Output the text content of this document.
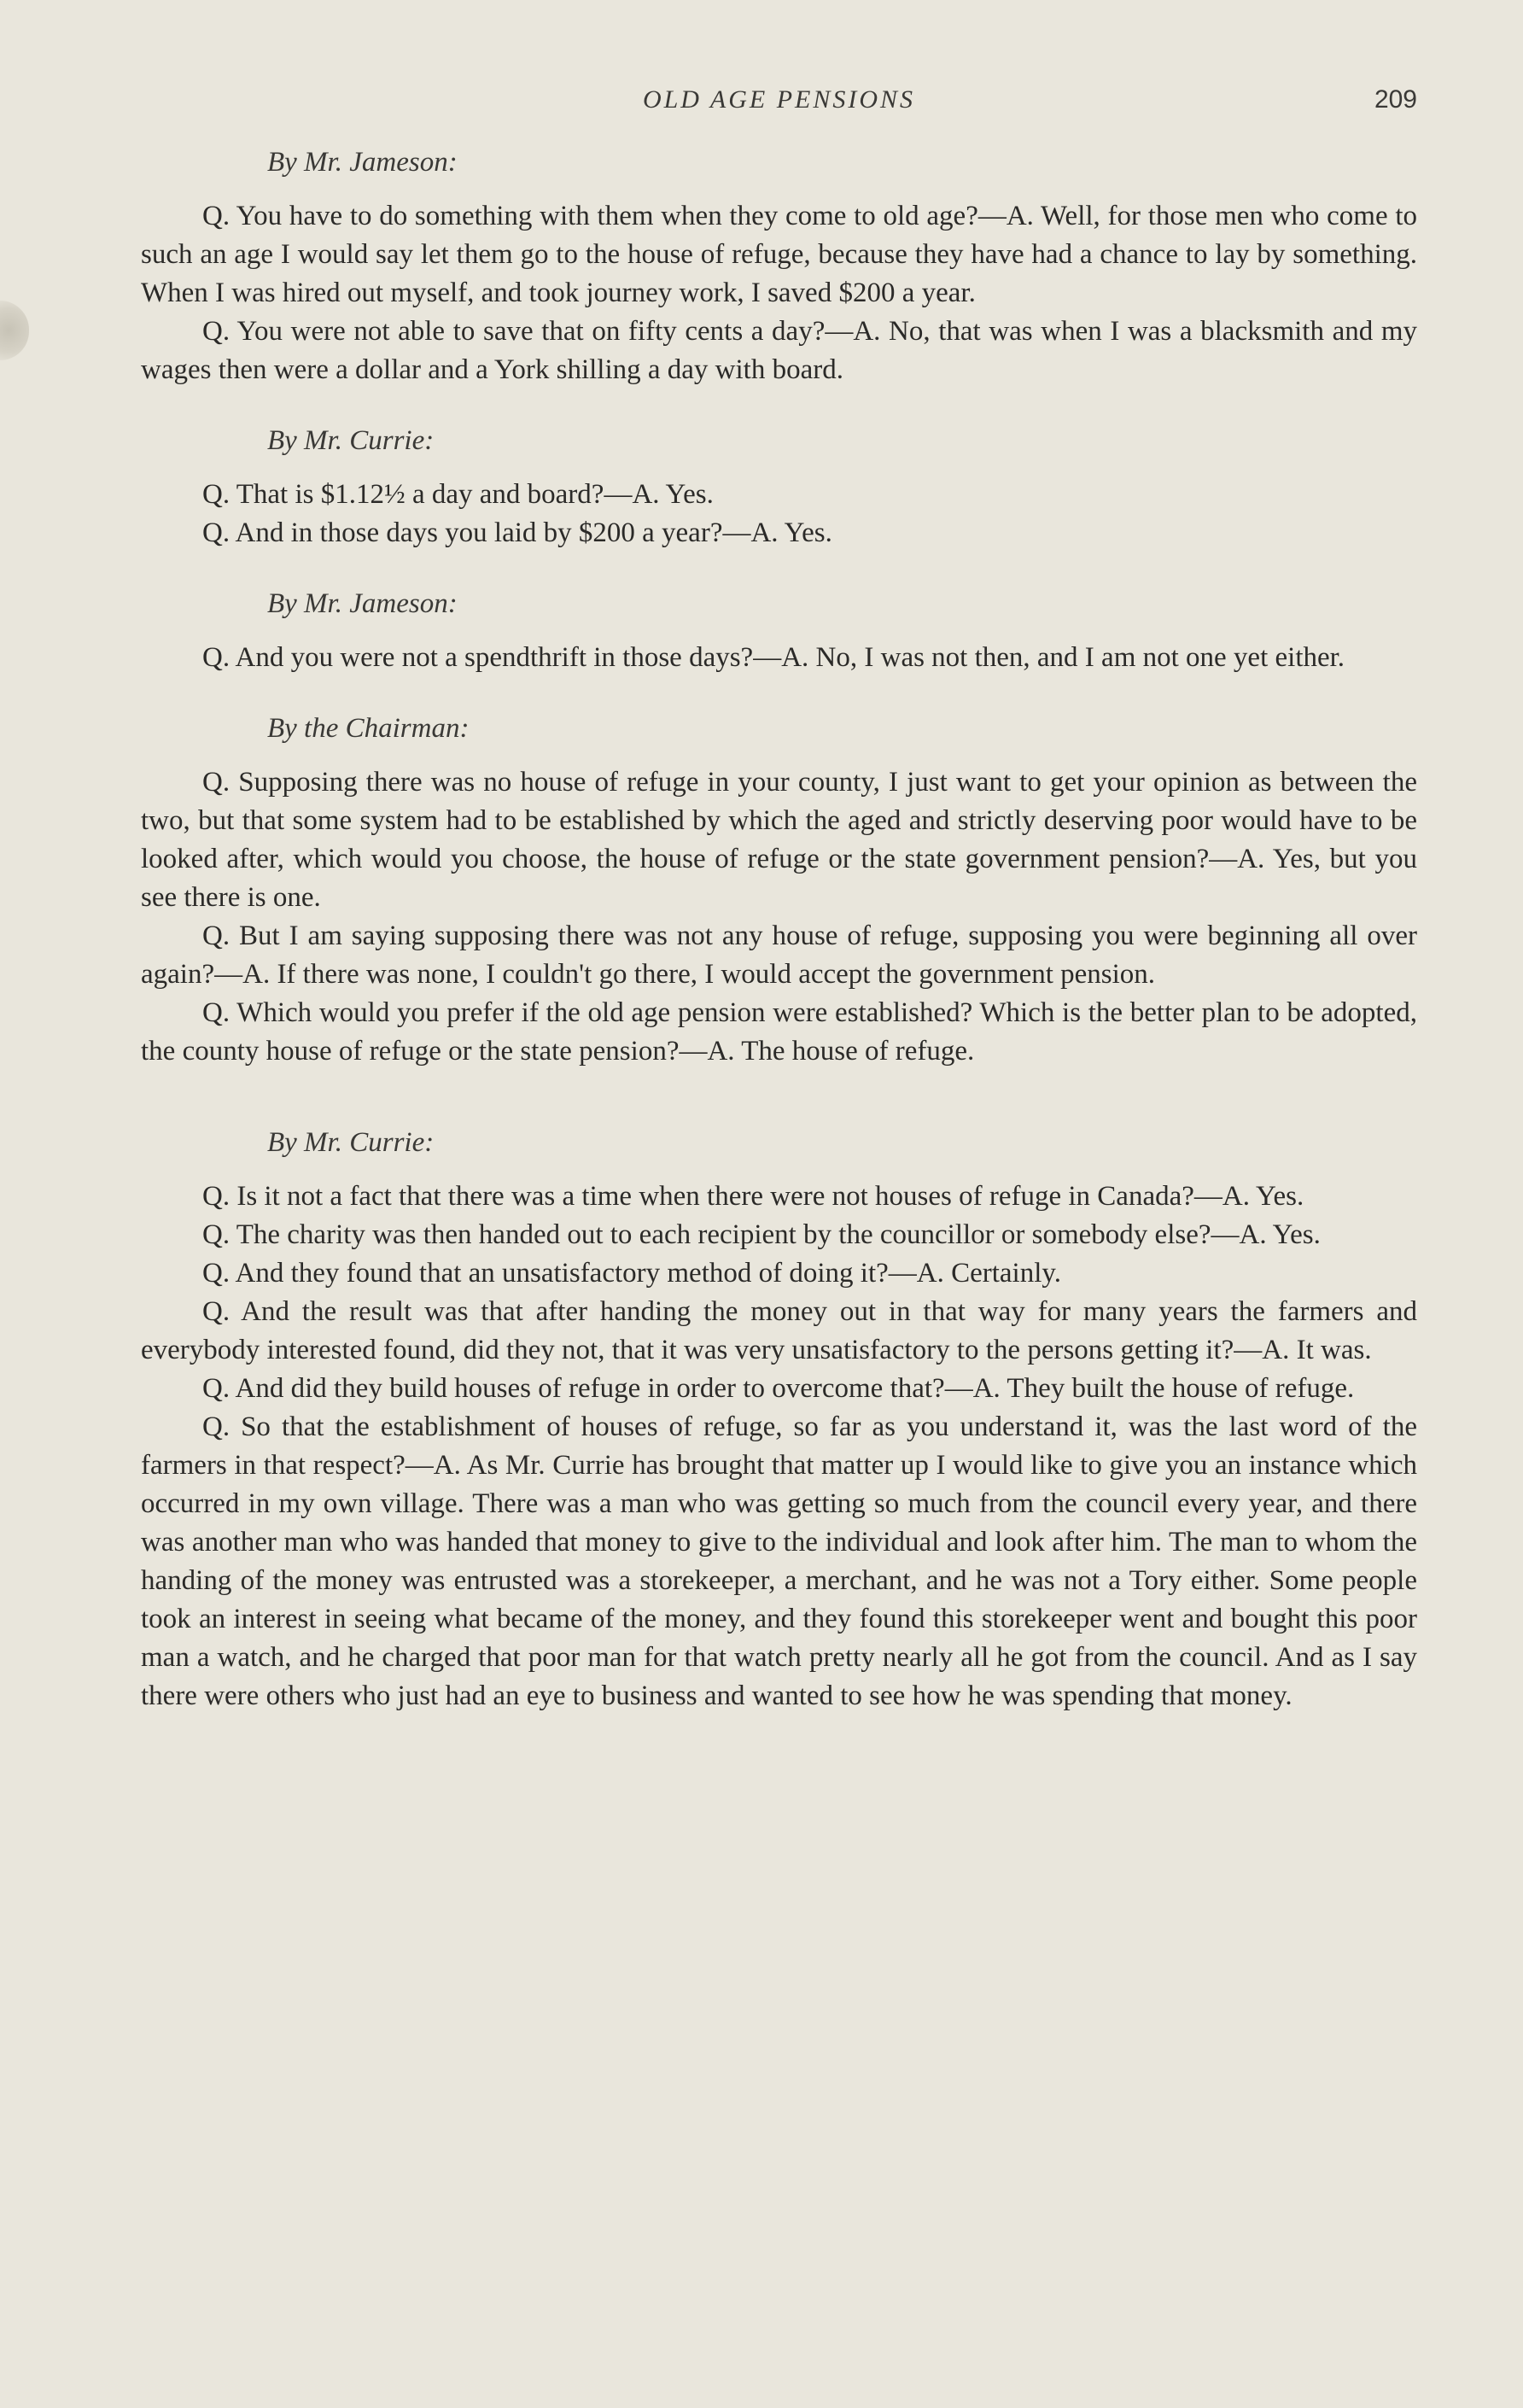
OLD AGE PENSIONS	209
By Mr. Jameson:

Q. You have to do something with them when they come to old age?—A. Well, for those men who come to such an age I would say let them go to the house of refuge, because they have had a chance to lay by something. When I was hired out myself, and took journey work, I saved $200 a year.

Q. You were not able to save that on fifty cents a day?—A. No, that was when I was a blacksmith and my wages then were a dollar and a York shilling a day with board.

By Mr. Currie:

Q. That is $1.12½ a day and board?—A. Yes.

Q. And in those days you laid by $200 a year?—A. Yes.

By Mr. Jameson:

Q. And you were not a spendthrift in those days?—A. No, I was not then, and I am not one yet either.

By the Chairman:

Q. Supposing there was no house of refuge in your county, I just want to get your opinion as between the two, but that some system had to be established by which the aged and strictly deserving poor would have to be looked after, which would you choose, the house of refuge or the state government pension?—A. Yes, but you see there is one.

Q. But I am saying supposing there was not any house of refuge, supposing you were beginning all over again?—A. If there was none, I couldn't go there, I would accept the government pension.

Q. Which would you prefer if the old age pension were established? Which is the better plan to be adopted, the county house of refuge or the state pension?—A. The house of refuge.

By Mr. Currie:

Q. Is it not a fact that there was a time when there were not houses of refuge in Canada?—A. Yes.

Q. The charity was then handed out to each recipient by the councillor or somebody else?—A. Yes.

Q. And they found that an unsatisfactory method of doing it?—A. Certainly.

Q. And the result was that after handing the money out in that way for many years the farmers and everybody interested found, did they not, that it was very unsatisfactory to the persons getting it?—A. It was.

Q. And did they build houses of refuge in order to overcome that?—A. They built the house of refuge.

Q. So that the establishment of houses of refuge, so far as you understand it, was the last word of the farmers in that respect?—A. As Mr. Currie has brought that matter up I would like to give you an instance which occurred in my own village. There was a man who was getting so much from the council every year, and there was another man who was handed that money to give to the individual and look after him. The man to whom the handing of the money was entrusted was a storekeeper, a merchant, and he was not a Tory either. Some people took an interest in seeing what became of the money, and they found this storekeeper went and bought this poor man a watch, and he charged that poor man for that watch pretty nearly all he got from the council. And as I say there were others who just had an eye to business and wanted to see how he was spending that money.
